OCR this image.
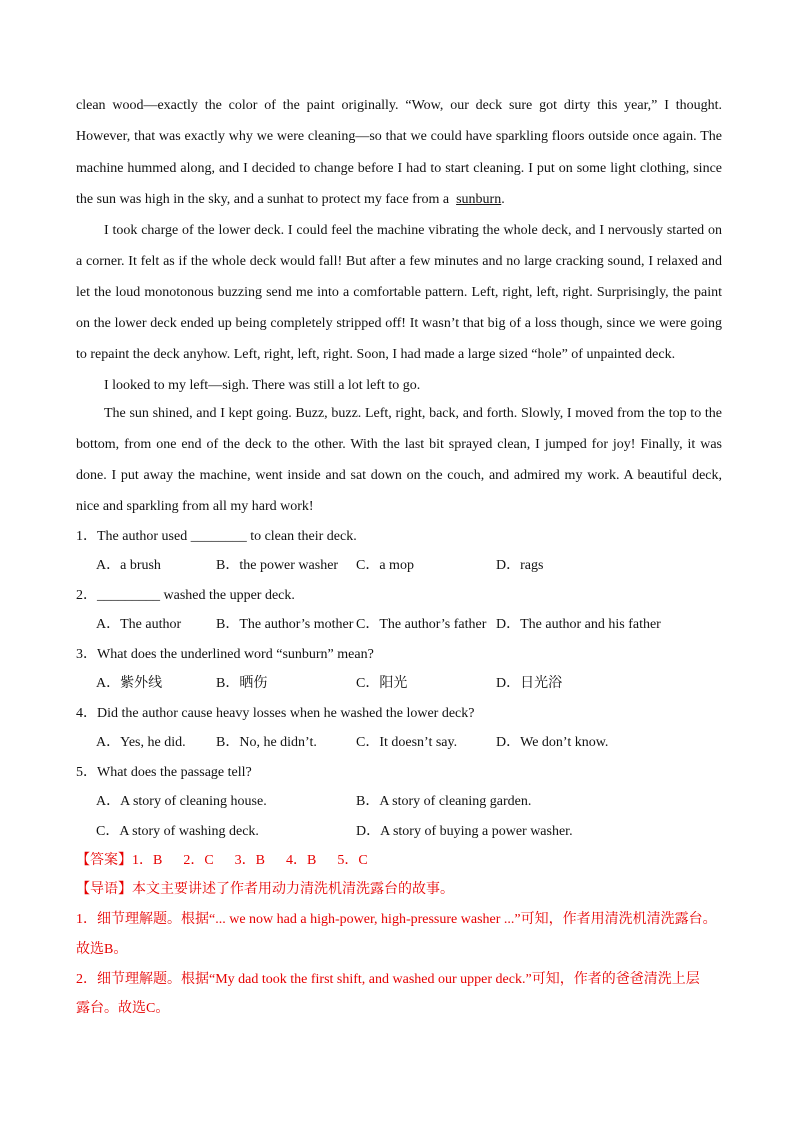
clean wood—exactly the color of the paint originally. “Wow, our deck sure got dirty this year,” I thought.
However, that was exactly why we were cleaning—so that we could have sparkling floors outside once again. The
machine hummed along, and I decided to change before I had to start cleaning. I put on some light clothing, since
the sun was high in the sky, and a sunhat to protect my face from a sunburn.
I took charge of the lower deck. I could feel the machine vibrating the whole deck, and I nervously started on
a corner. It felt as if the whole deck would fall! But after a few minutes and no large cracking sound, I relaxed and
let the loud monotonous buzzing send me into a comfortable pattern. Left, right, left, right. Surprisingly, the paint
on the lower deck ended up being completely stripped off! It wasn’t that big of a loss though, since we were going
to repaint the deck anyhow. Left, right, left, right. Soon, I had made a large sized “hole” of unpainted deck.
I looked to my left—sigh. There was still a lot left to go.
The sun shined, and I kept going. Buzz, buzz. Left, right, back, and forth. Slowly, I moved from the top to the
bottom, from one end of the deck to the other. With the last bit sprayed clean, I jumped for joy! Finally, it was
done. I put away the machine, went inside and sat down on the couch, and admired my work. A beautiful deck,
nice and sparkling from all my hard work!
1．The author used ________ to clean their deck.
A．a brush	B．the power washer C．a mop	D．rags
2．_________ washed the upper deck.
A．The author B．The author’s mother C．The author’s father D．The author and his father
3．What does the underlined word “sunburn” mean?
A．紫外线	B．晒伤	C．阳光	D．日光浴
4．Did the author cause heavy losses when he washed the lower deck?
A．Yes, he did. B．No, he didn’t.	C．It doesn’t say.	D．We don’t know.
5．What does the passage tell?
A．A story of cleaning house.	B．A story of cleaning garden.
C．A story of washing deck.	D．A story of buying a power washer.
【答案】1．B      2．C      3．B      4．B      5．C
【导语】本文主要讲述了作者用动力清洗机清洗露台的故事。
1．细节理解题。根据“... we now had a high-power, high-pressure washer ...”可知，作者用清洗机清洗露台。
故选B。
2．细节理解题。根据“My dad took the first shift, and washed our upper deck.”可知，作者的爸爸清洗上层
露台。故选C。
